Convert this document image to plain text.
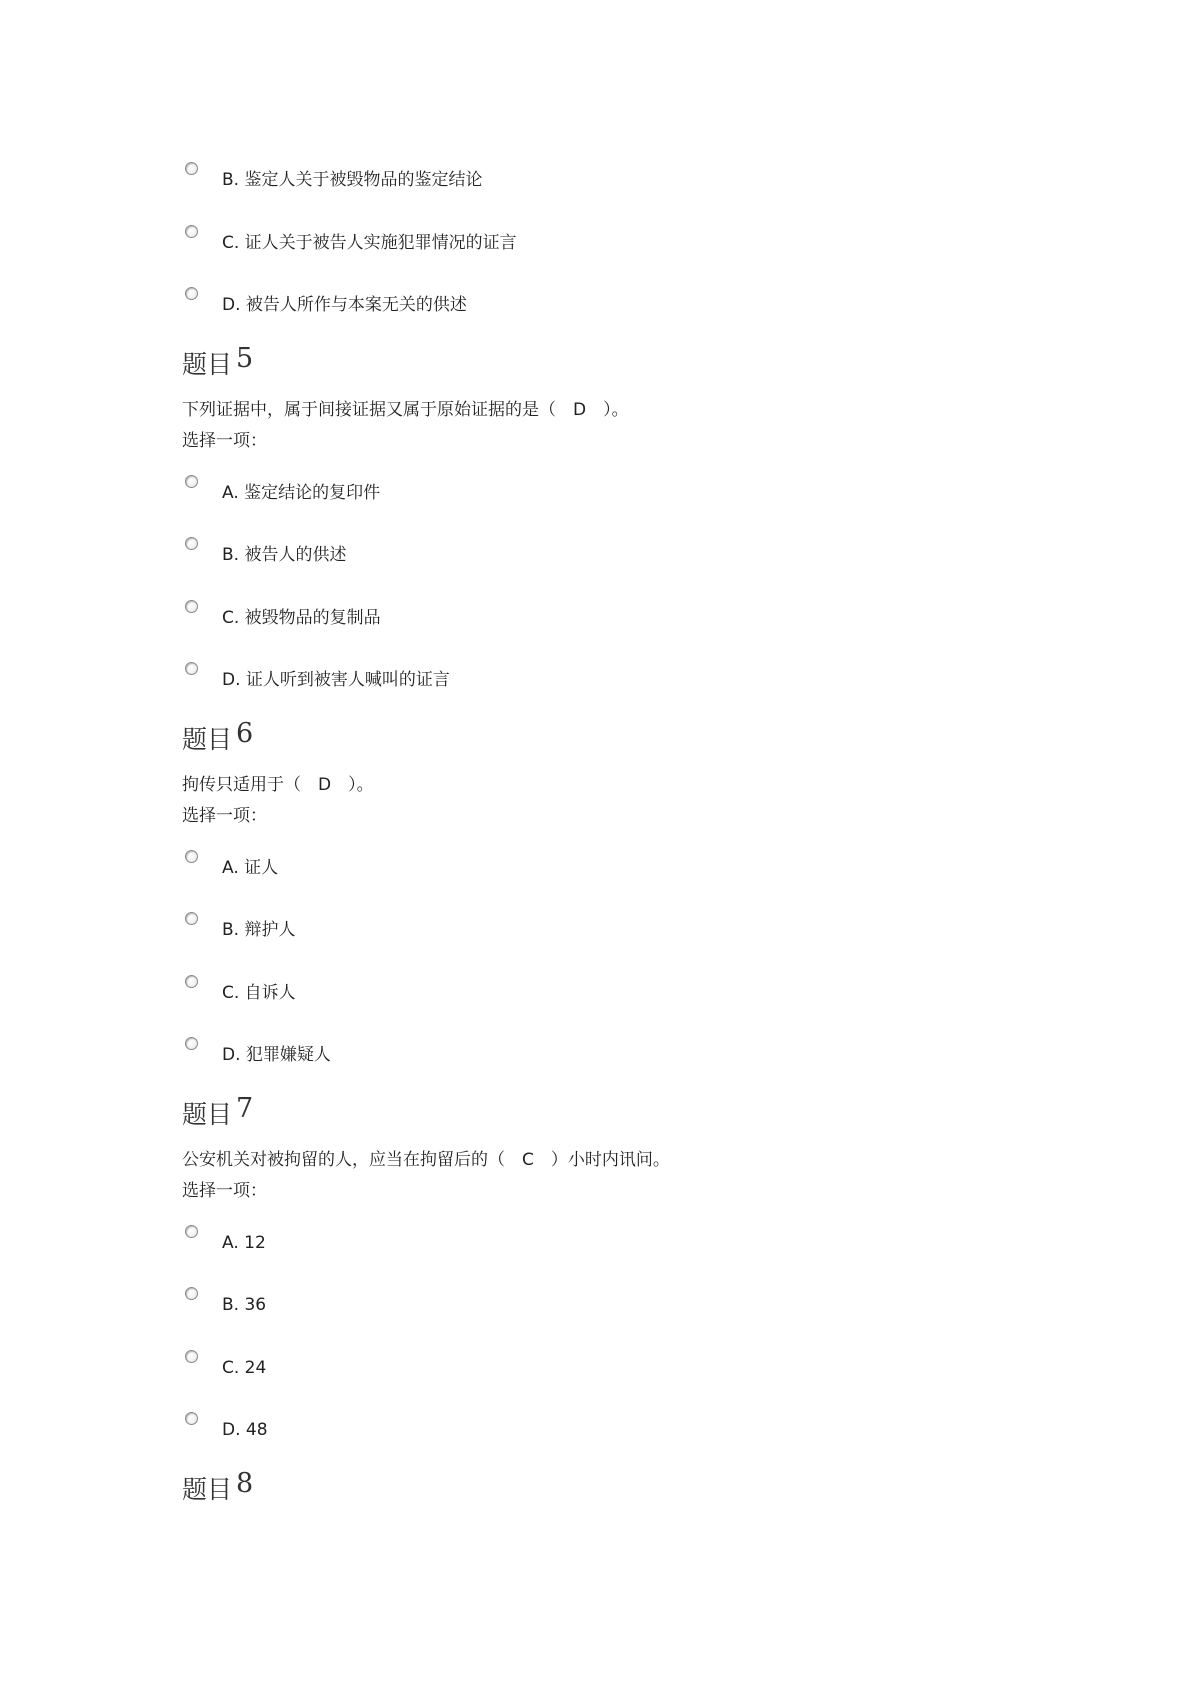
B. 鉴定人关于被毁物品的鉴定结论
C. 证人关于被告人实施犯罪情况的证言
D. 被告人所作与本案无关的供述
题目 5
下列证据中，属于间接证据又属于原始证据的是（　D　）。
选择一项：
A. 鉴定结论的复印件
B. 被告人的供述
C. 被毁物品的复制品
D. 证人听到被害人喊叫的证言
题目 6
拘传只适用于（　D　）。
选择一项：
A. 证人
B. 辩护人
C. 自诉人
D. 犯罪嫌疑人
题目 7
公安机关对被拘留的人，应当在拘留后的（　C　）小时内讯问。
选择一项：
A. 12
B. 36
C. 24
D. 48
题目 8
